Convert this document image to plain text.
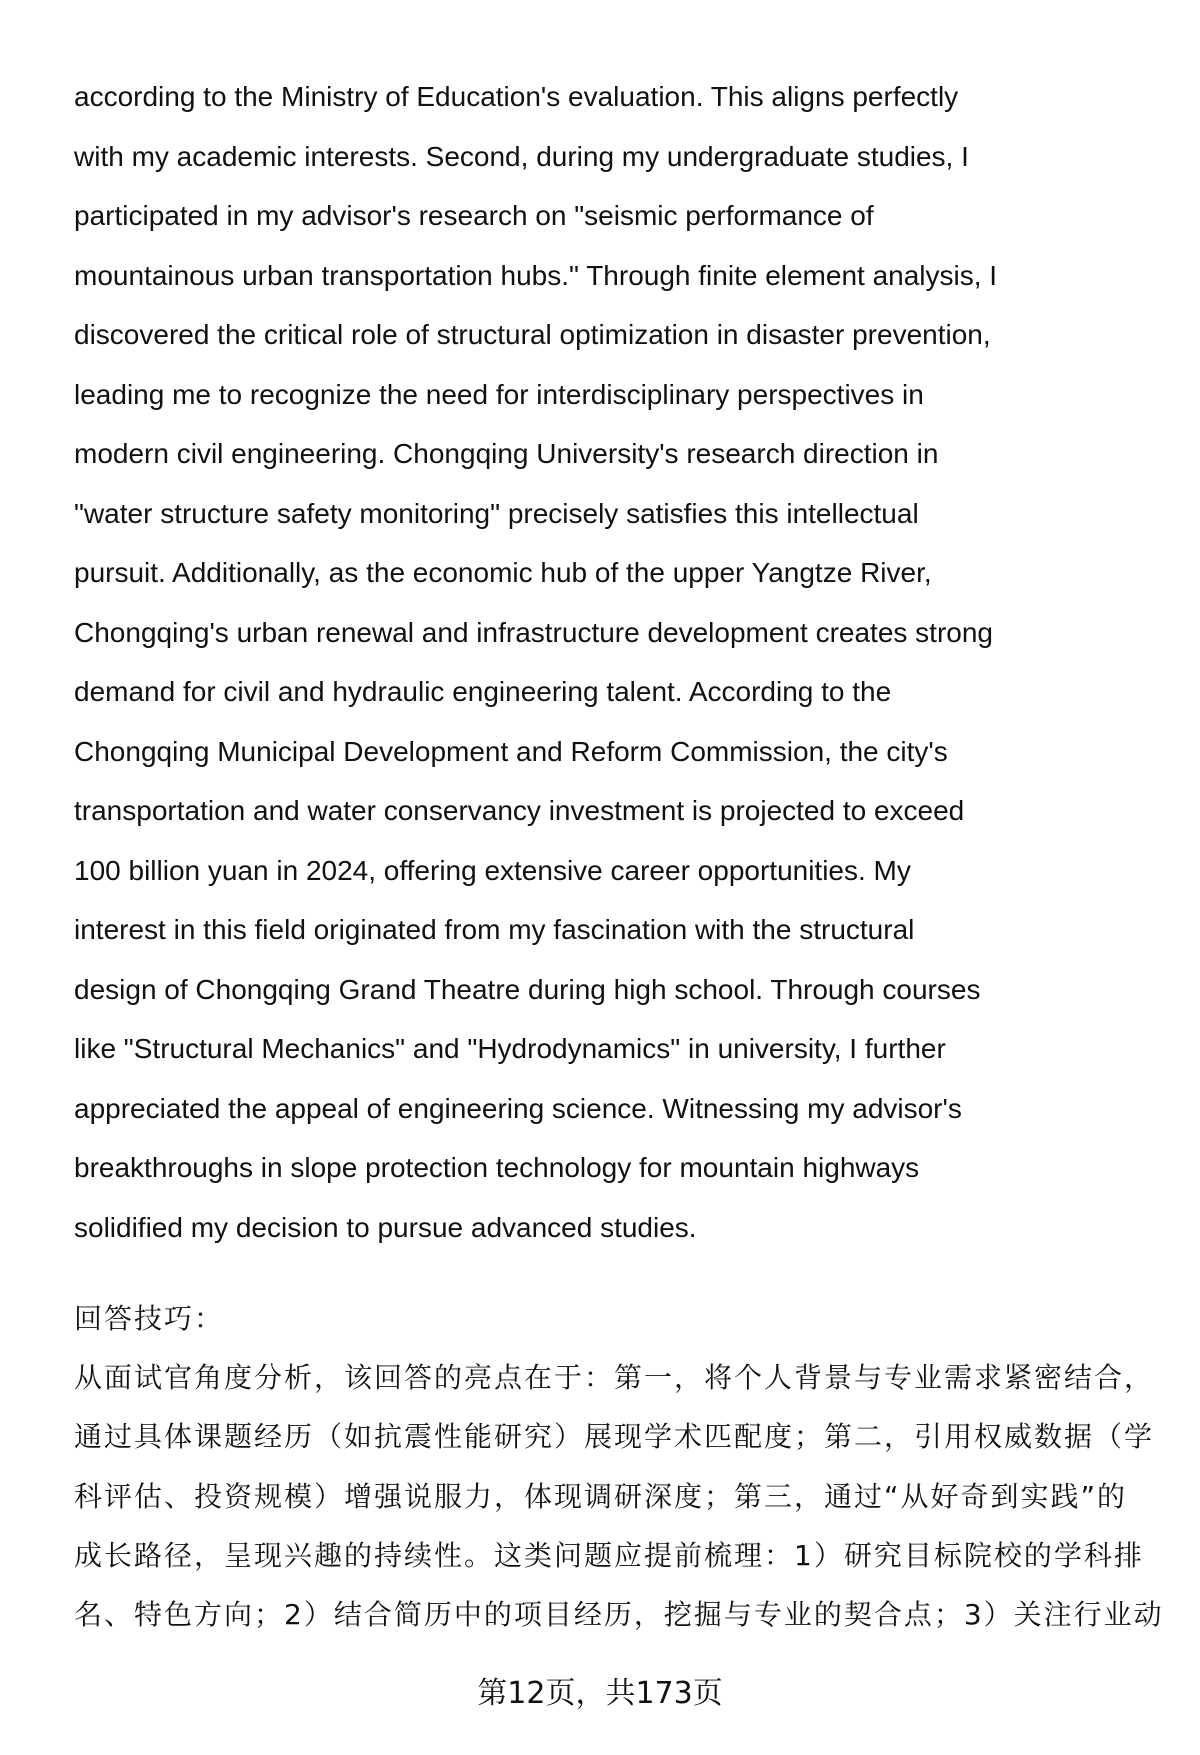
according to the Ministry of Education's evaluation. This aligns perfectly
with my academic interests. Second, during my undergraduate studies, I
participated in my advisor's research on "seismic performance of
mountainous urban transportation hubs." Through finite element analysis, I
discovered the critical role of structural optimization in disaster prevention,
leading me to recognize the need for interdisciplinary perspectives in
modern civil engineering. Chongqing University's research direction in
"water structure safety monitoring" precisely satisfies this intellectual
pursuit. Additionally, as the economic hub of the upper Yangtze River,
Chongqing's urban renewal and infrastructure development creates strong
demand for civil and hydraulic engineering talent. According to the
Chongqing Municipal Development and Reform Commission, the city's
transportation and water conservancy investment is projected to exceed
100 billion yuan in 2024, offering extensive career opportunities. My
interest in this field originated from my fascination with the structural
design of Chongqing Grand Theatre during high school. Through courses
like "Structural Mechanics" and "Hydrodynamics" in university, I further
appreciated the appeal of engineering science. Witnessing my advisor's
breakthroughs in slope protection technology for mountain highways
solidified my decision to pursue advanced studies.
回答技巧：
从面试官角度分析，该回答的亮点在于：第一，将个人背景与专业需求紧密结合，
通过具体课题经历（如抗震性能研究）展现学术匹配度；第二，引用权威数据（学
科评估、投资规模）增强说服力，体现调研深度；第三，通过“从好奇到实践”的
成长路径，呈现兴趣的持续性。这类问题应提前梳理：1）研究目标院校的学科排
名、特色方向；2）结合简历中的项目经历，挖掘与专业的契合点；3）关注行业动
第12页，共173页
